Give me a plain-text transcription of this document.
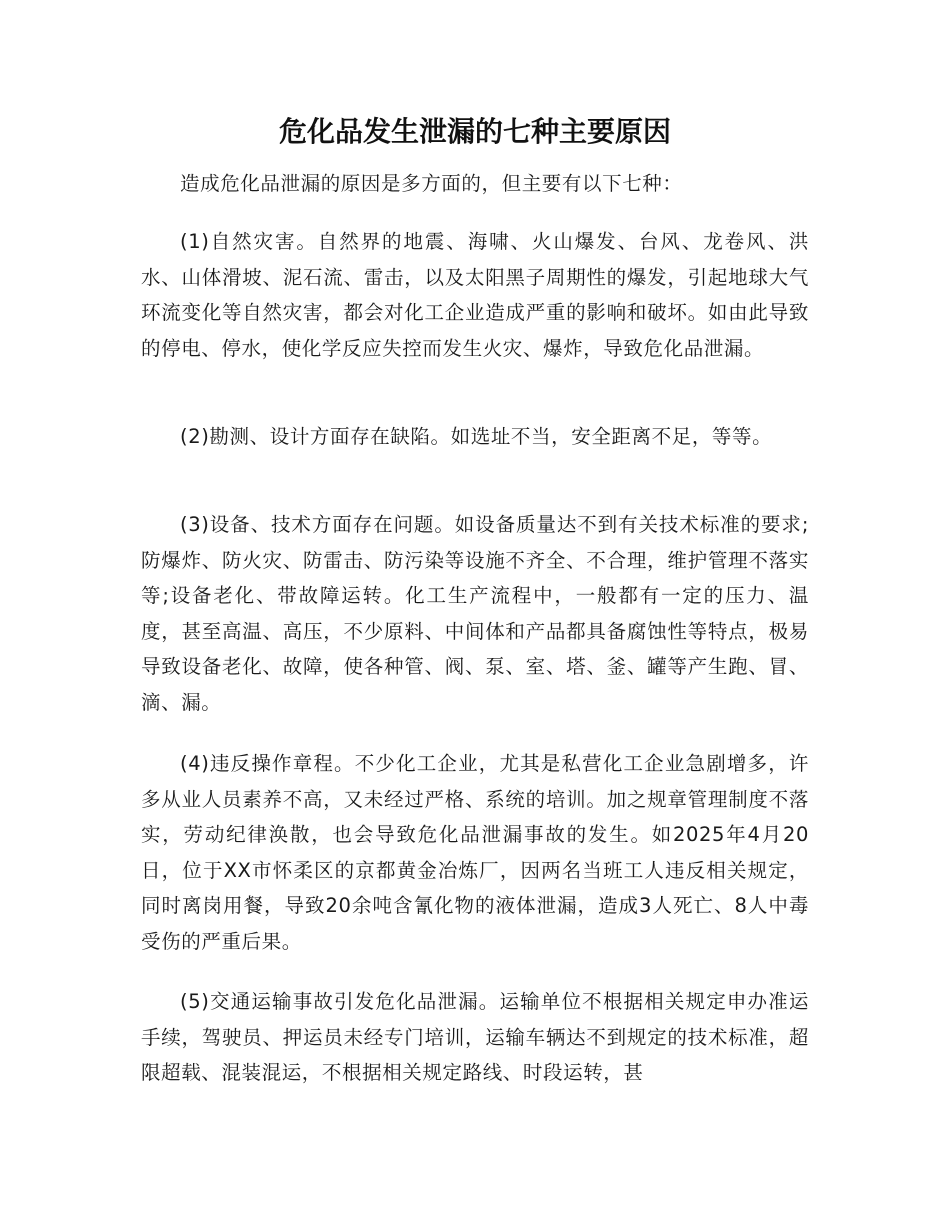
危化品发生泄漏的七种主要原因

造成危化品泄漏的原因是多方面的，但主要有以下七种：

(1)自然灾害。自然界的地震、海啸、火山爆发、台风、龙卷风、洪水、山体滑坡、泥石流、雷击，以及太阳黑子周期性的爆发，引起地球大气环流变化等自然灾害，都会对化工企业造成严重的影响和破坏。如由此导致的停电、停水，使化学反应失控而发生火灾、爆炸，导致危化品泄漏。

(2)勘测、设计方面存在缺陷。如选址不当，安全距离不足，等等。

(3)设备、技术方面存在问题。如设备质量达不到有关技术标准的要求;防爆炸、防火灾、防雷击、防污染等设施不齐全、不合理，维护管理不落实等;设备老化、带故障运转。化工生产流程中，一般都有一定的压力、温度，甚至高温、高压，不少原料、中间体和产品都具备腐蚀性等特点，极易导致设备老化、故障，使各种管、阀、泵、室、塔、釜、罐等产生跑、冒、滴、漏。

(4)违反操作章程。不少化工企业，尤其是私营化工企业急剧增多，许多从业人员素养不高，又未经过严格、系统的培训。加之规章管理制度不落实，劳动纪律涣散，也会导致危化品泄漏事故的发生。如2025年4月20日，位于XX市怀柔区的京都黄金冶炼厂，因两名当班工人违反相关规定，同时离岗用餐，导致20余吨含氰化物的液体泄漏，造成3人死亡、8人中毒受伤的严重后果。

(5)交通运输事故引发危化品泄漏。运输单位不根据相关规定申办准运手续，驾驶员、押运员未经专门培训，运输车辆达不到规定的技术标准，超限超载、混装混运，不根据相关规定路线、时段运转，甚
